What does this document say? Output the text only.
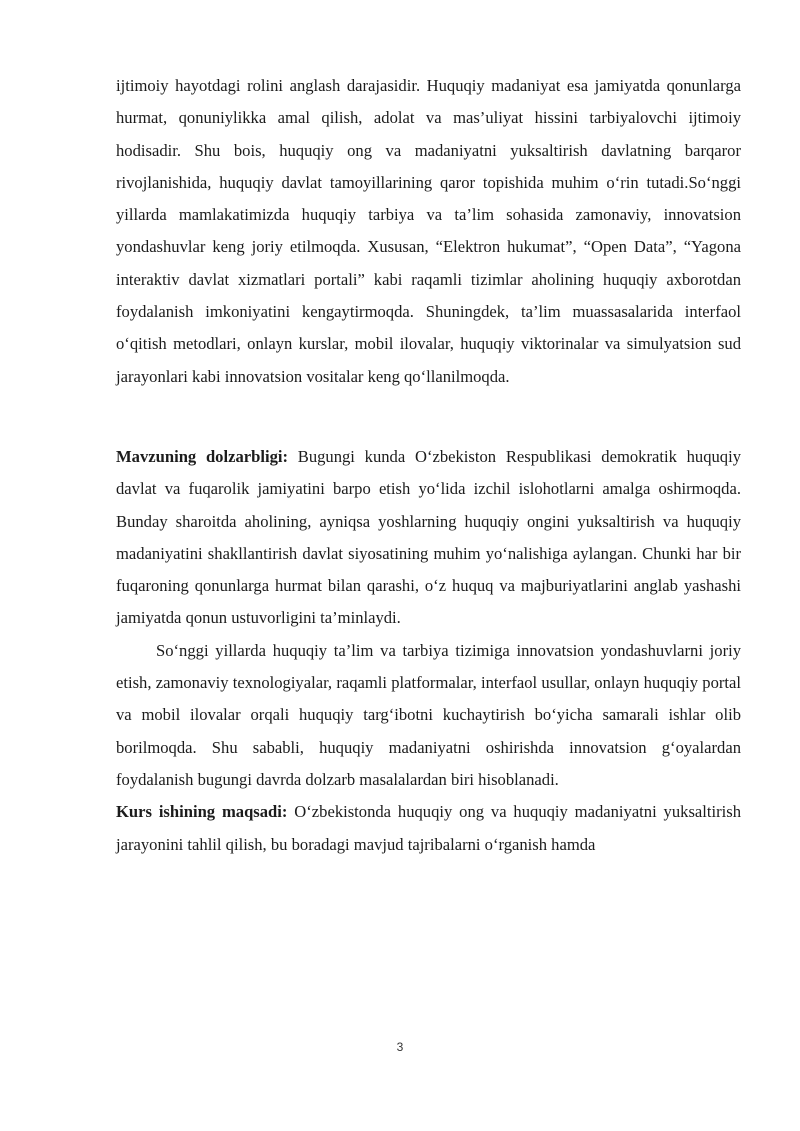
ijtimoiy hayotdagi rolini anglash darajasidir. Huquqiy madaniyat esa jamiyatda qonunlarga hurmat, qonuniylikka amal qilish, adolat va mas’uliyat hissini tarbiyalovchi ijtimoiy hodisadir. Shu bois, huquqiy ong va madaniyatni yuksaltirish davlatning barqaror rivojlanishida, huquqiy davlat tamoyillarining qaror topishida muhim o‘rin tutadi.So‘nggi yillarda mamlakatimizda huquqiy tarbiya va ta’lim sohasida zamonaviy, innovatsion yondashuvlar keng joriy etilmoqda. Xususan, “Elektron hukumat”, “Open Data”, “Yagona interaktiv davlat xizmatlari portali” kabi raqamli tizimlar aholining huquqiy axborotdan foydalanish imkoniyatini kengaytirmoqda. Shuningdek, ta’lim muassasalarida interfaol o‘qitish metodlari, onlayn kurslar, mobil ilovalar, huquqiy viktorinalar va simulyatsion sud jarayonlari kabi innovatsion vositalar keng qo‘llanilmoqda.

Mavzuning dolzarbligi: Bugungi kunda O‘zbekiston Respublikasi demokratik huquqiy davlat va fuqarolik jamiyatini barpo etish yo‘lida izchil islohotlarni amalga oshirmoqda. Bunday sharoitda aholining, ayniqsa yoshlarning huquqiy ongini yuksaltirish va huquqiy madaniyatini shakllantirish davlat siyosatining muhim yo‘nalishiga aylangan. Chunki har bir fuqaroning qonunlarga hurmat bilan qarashi, o‘z huquq va majburiyatlarini anglab yashashi jamiyatda qonun ustuvorligini ta’minlaydi.

So‘nggi yillarda huquqiy ta’lim va tarbiya tizimiga innovatsion yondashuvlarni joriy etish, zamonaviy texnologiyalar, raqamli platformalar, interfaol usullar, onlayn huquqiy portal va mobil ilovalar orqali huquqiy targ‘ibotni kuchaytirish bo‘yicha samarali ishlar olib borilmoqda. Shu sababli, huquqiy madaniyatni oshirishda innovatsion g‘oyalardan foydalanish bugungi davrda dolzarb masalalardan biri hisoblanadi.

Kurs ishining maqsadi: O‘zbekistonda huquqiy ong va huquqiy madaniyatni yuksaltirish jarayonini tahlil qilish, bu boradagi mavjud tajribalarni o‘rganish hamda

3
